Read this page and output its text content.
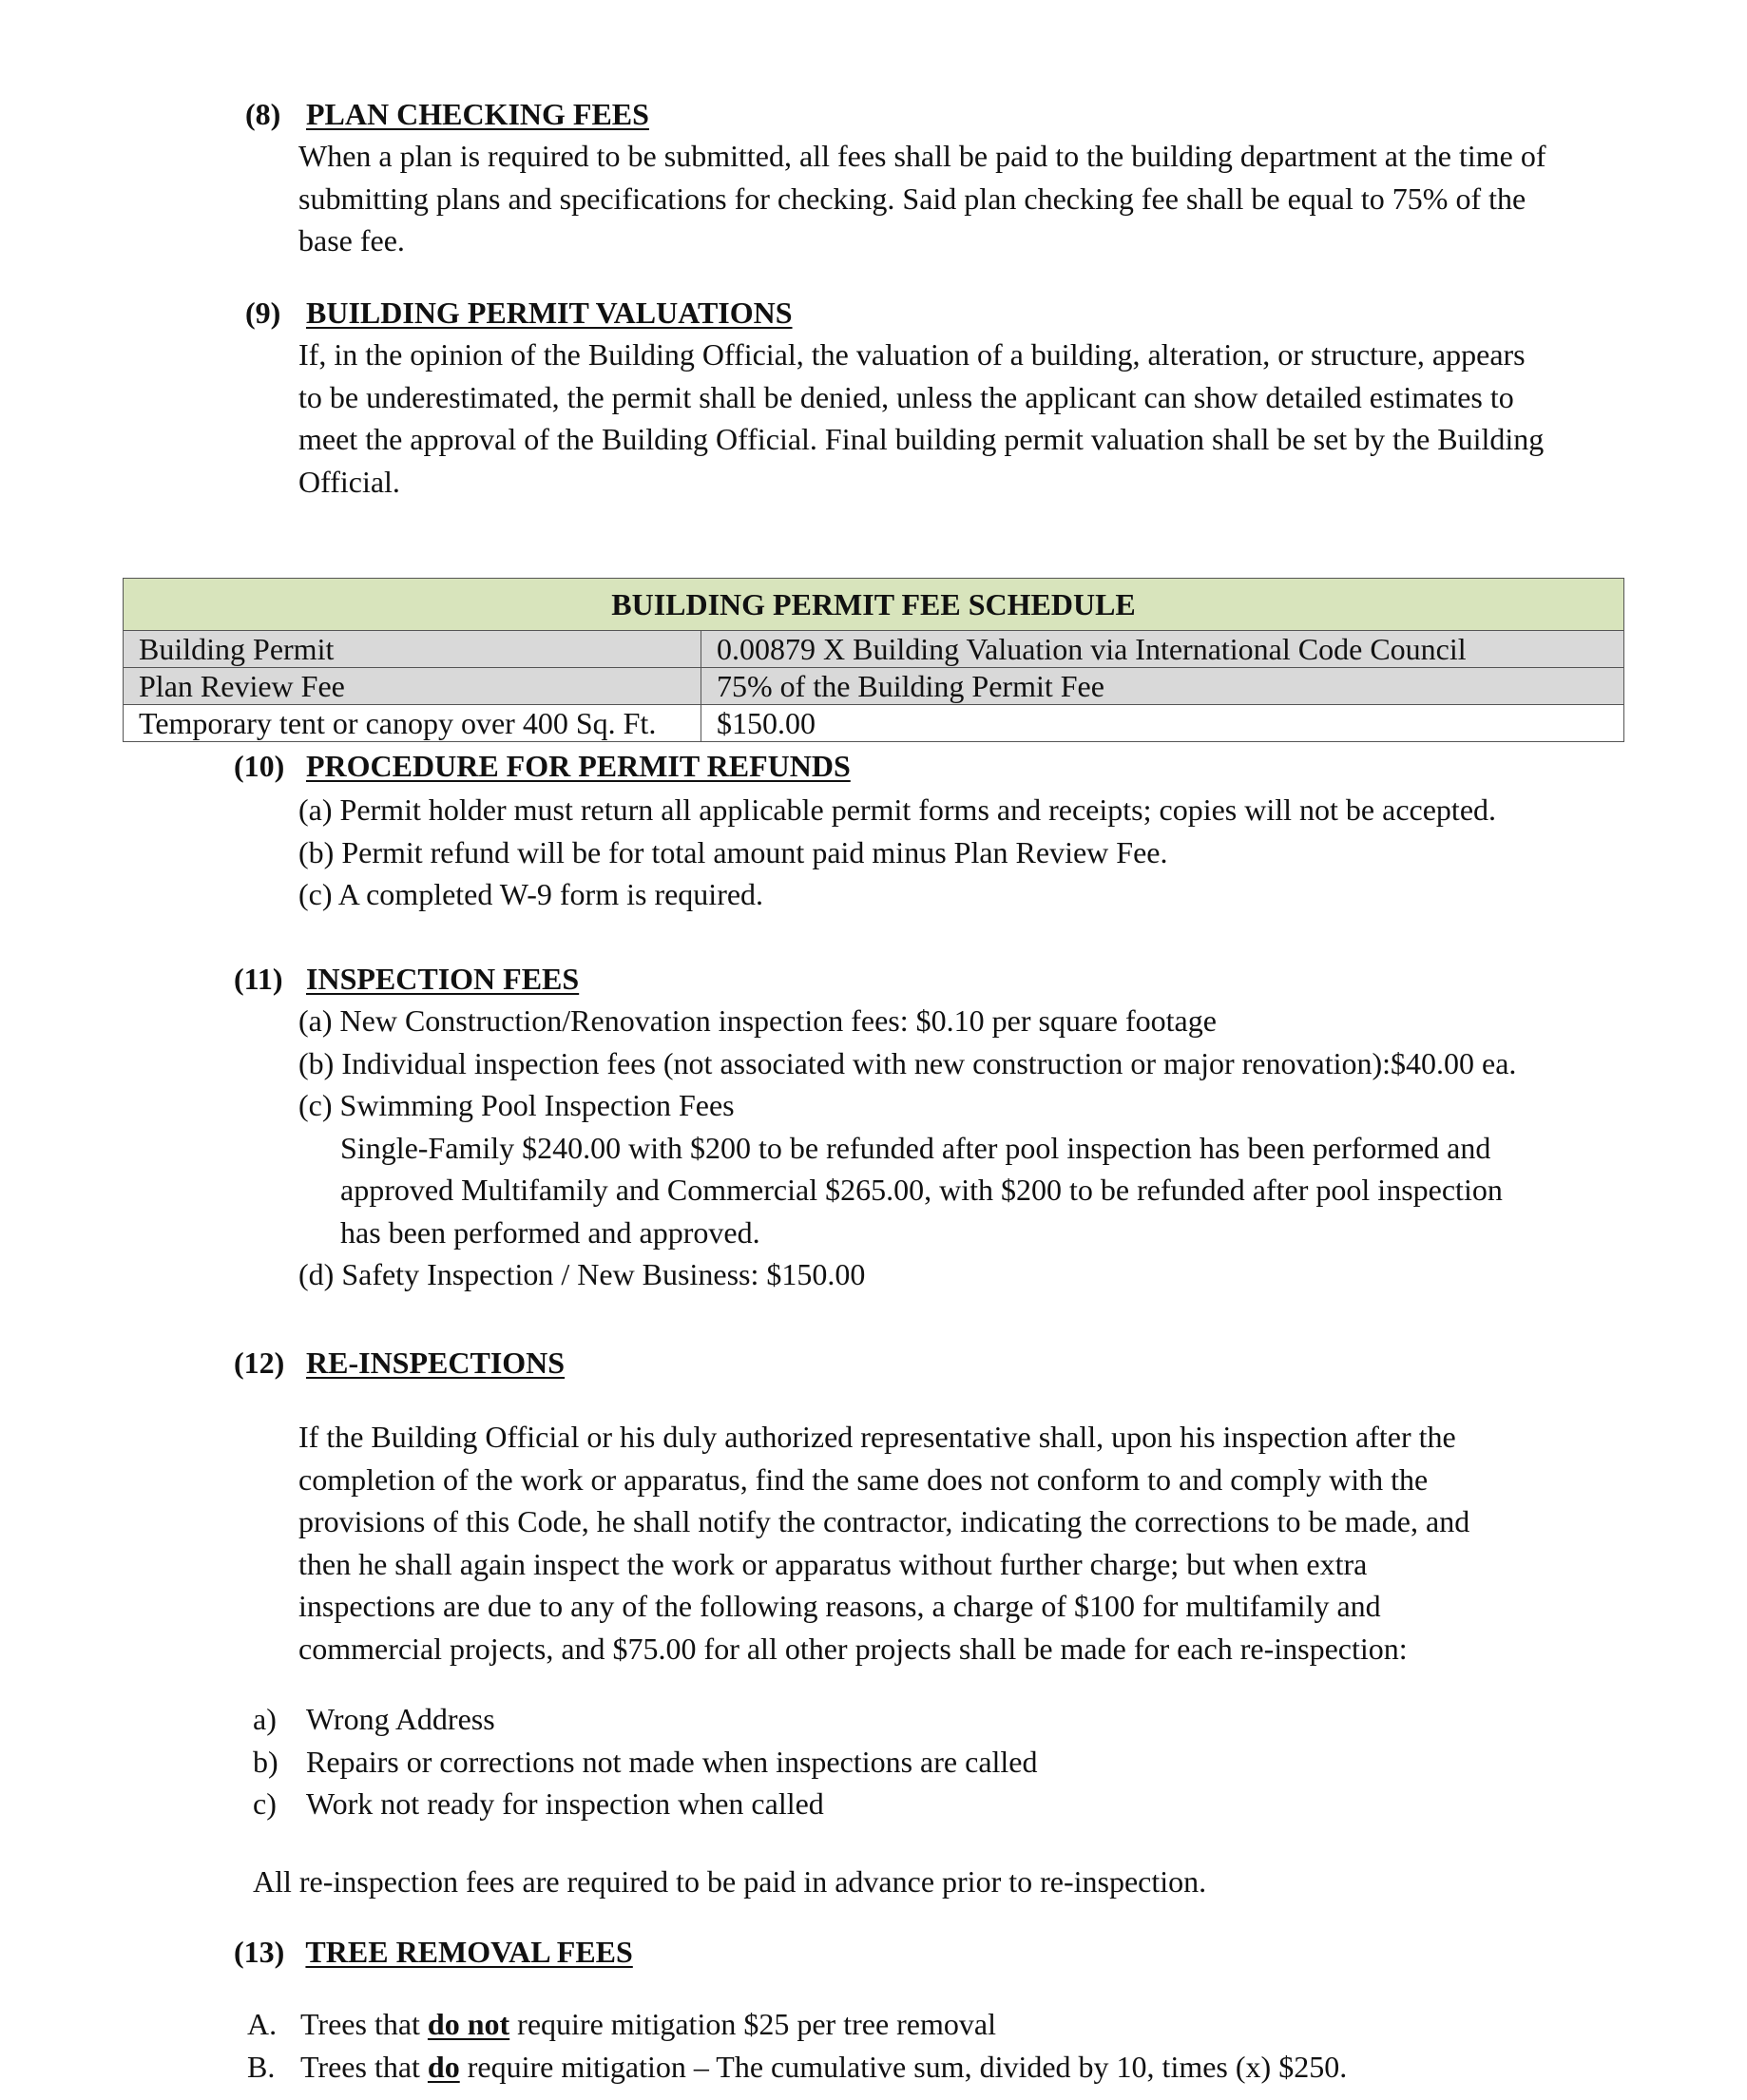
(8) PLAN CHECKING FEES
When a plan is required to be submitted, all fees shall be paid to the building department at the time of
submitting plans and specifications for checking. Said plan checking fee shall be equal to 75% of the
base fee.
(9) BUILDING PERMIT VALUATIONS
If, in the opinion of the Building Official, the valuation of a building, alteration, or structure, appears
to be underestimated, the permit shall be denied, unless the applicant can show detailed estimates to
meet the approval of the Building Official. Final building permit valuation shall be set by the Building
Official.
BUILDING PERMIT FEE SCHEDULE	
Building Permit	0.00879 X Building Valuation via International Code Council
Plan Review Fee	75% of the Building Permit Fee
Temporary tent or canopy over 400 Sq. Ft.	$150.00
(10) PROCEDURE FOR PERMIT REFUNDS
(a) Permit holder must return all applicable permit forms and receipts; copies will not be accepted.
(b) Permit refund will be for total amount paid minus Plan Review Fee.
(c) A completed W-9 form is required.
(11) INSPECTION FEES
(a) New Construction/Renovation inspection fees: $0.10 per square footage
(b) Individual inspection fees (not associated with new construction or major renovation):$40.00 ea.
(c) Swimming Pool Inspection Fees
Single-Family $240.00 with $200 to be refunded after pool inspection has been performed and
approved Multifamily and Commercial $265.00, with $200 to be refunded after pool inspection
has been performed and approved.
(d) Safety Inspection / New Business: $150.00
(12) RE-INSPECTIONS
If the Building Official or his duly authorized representative shall, upon his inspection after the
completion of the work or apparatus, find the same does not conform to and comply with the
provisions of this Code, he shall notify the contractor, indicating the corrections to be made, and
then he shall again inspect the work or apparatus without further charge; but when extra
inspections are due to any of the following reasons, a charge of $100 for multifamily and
commercial projects, and $75.00 for all other projects shall be made for each re-inspection:
a) Wrong Address
b) Repairs or corrections not made when inspections are called
c) Work not ready for inspection when called
All re-inspection fees are required to be paid in advance prior to re-inspection.
(13) TREE REMOVAL FEES
A. Trees that do not require mitigation $25 per tree removal
B. Trees that do require mitigation – The cumulative sum, divided by 10, times (x) $250.
